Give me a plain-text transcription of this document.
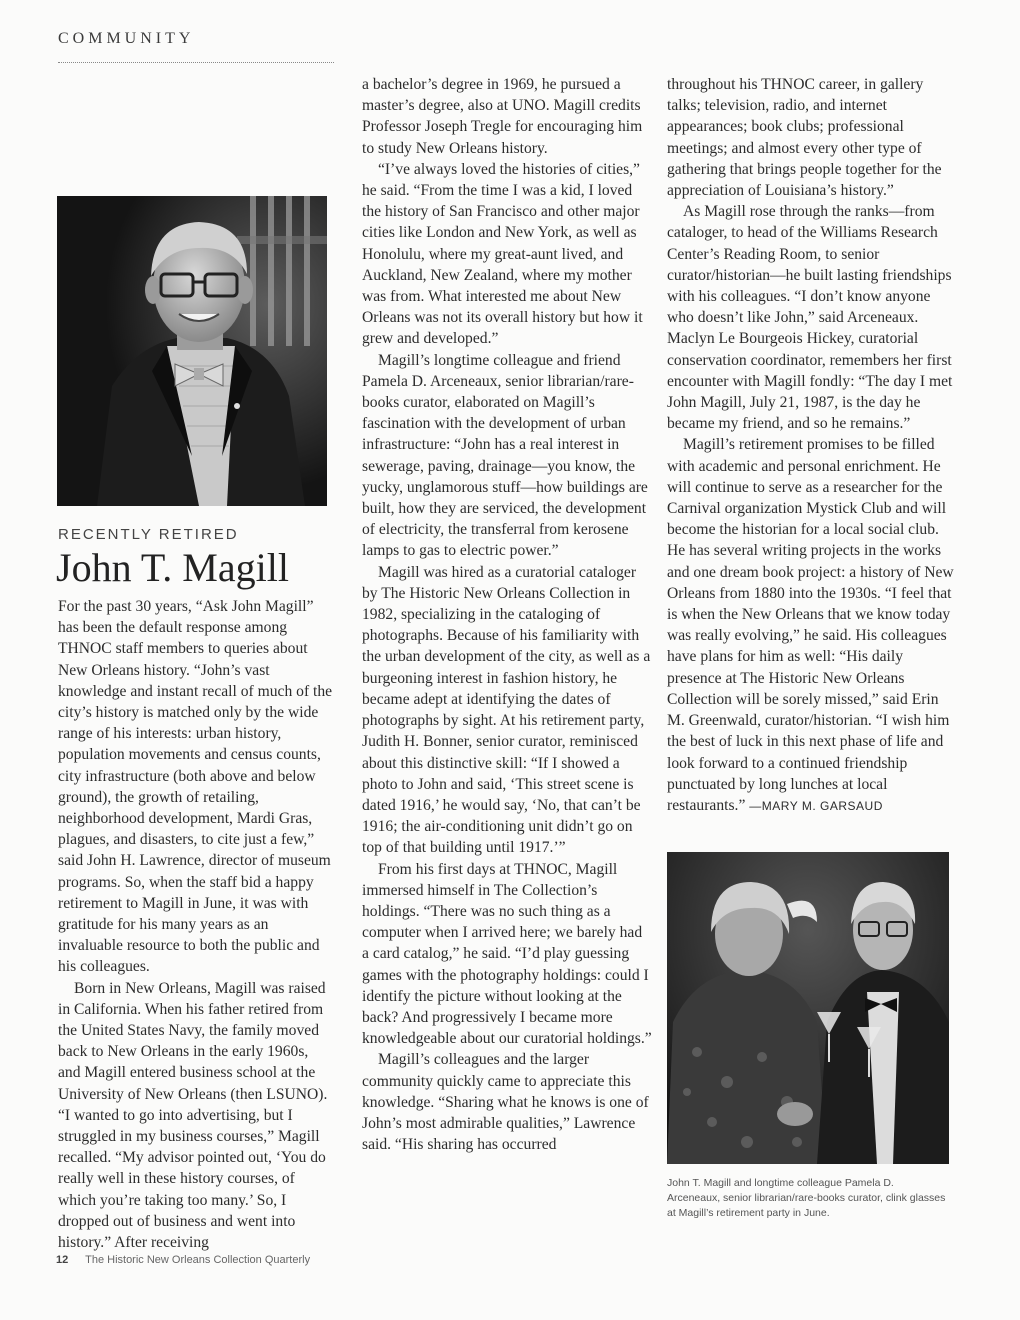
COMMUNITY
RECENTLY RETIRED
John T. Magill

For the past 30 years, “Ask John Magill” has been the default response among THNOC staff members to queries about New Orleans history. “John’s vast knowledge and instant recall of much of the city’s history is matched only by the wide range of his interests: urban history, population movements and census counts, city infrastructure (both above and below ground), the growth of retailing, neighborhood development, Mardi Gras, plagues, and disasters, to cite just a few,” said John H. Lawrence, director of museum programs. So, when the staff bid a happy retirement to Magill in June, it was with gratitude for his many years as an invaluable resource to both the public and his colleagues.

Born in New Orleans, Magill was raised in California. When his father retired from the United States Navy, the family moved back to New Orleans in the early 1960s, and Magill entered business school at the University of New Orleans (then LSUNO). “I wanted to go into advertising, but I struggled in my business courses,” Magill recalled. “My advisor pointed out, ‘You do really well in these history courses, of which you’re taking too many.’ So, I dropped out of business and went into history.” After receiving

a bachelor’s degree in 1969, he pursued a master’s degree, also at UNO. Magill credits Professor Joseph Tregle for encouraging him to study New Orleans history.

“I’ve always loved the histories of cities,” he said. “From the time I was a kid, I loved the history of San Francisco and other major cities like London and New York, as well as Honolulu, where my great-aunt lived, and Auckland, New Zealand, where my mother was from. What interested me about New Orleans was not its overall history but how it grew and developed.”

Magill’s longtime colleague and friend Pamela D. Arceneaux, senior librarian/rare-books curator, elaborated on Magill’s fascination with the development of urban infrastructure: “John has a real interest in sewerage, paving, drainage—you know, the yucky, unglamorous stuff—how buildings are built, how they are serviced, the development of electricity, the transferral from kerosene lamps to gas to electric power.”

Magill was hired as a curatorial cataloger by The Historic New Orleans Collection in 1982, specializing in the cataloging of photographs. Because of his familiarity with the urban development of the city, as well as a burgeoning interest in fashion history, he became adept at identifying the dates of photographs by sight. At his retirement party, Judith H. Bonner, senior curator, reminisced about this distinctive skill: “If I showed a photo to John and said, ‘This street scene is dated 1916,’ he would say, ‘No, that can’t be 1916; the air-conditioning unit didn’t go on top of that building until 1917.’”

From his first days at THNOC, Magill immersed himself in The Collection’s holdings. “There was no such thing as a computer when I arrived here; we barely had a card catalog,” he said. “I’d play guessing games with the photography holdings: could I identify the picture without looking at the back? And progressively I became more knowledgeable about our curatorial holdings.”

Magill’s colleagues and the larger community quickly came to appreciate this knowledge. “Sharing what he knows is one of John’s most admirable qualities,” Lawrence said. “His sharing has occurred

throughout his THNOC career, in gallery talks; television, radio, and internet appearances; book clubs; professional meetings; and almost every other type of gathering that brings people together for the appreciation of Louisiana’s history.”

As Magill rose through the ranks—from cataloger, to head of the Williams Research Center’s Reading Room, to senior curator/historian—he built lasting friendships with his colleagues. “I don’t know anyone who doesn’t like John,” said Arceneaux. Maclyn Le Bourgeois Hickey, curatorial conservation coordinator, remembers her first encounter with Magill fondly: “The day I met John Magill, July 21, 1987, is the day he became my friend, and so he remains.”

Magill’s retirement promises to be filled with academic and personal enrichment. He will continue to serve as a researcher for the Carnival organization Mystick Club and will become the historian for a local social club. He has several writing projects in the works and one dream book project: a history of New Orleans from 1880 into the 1930s. “I feel that is when the New Orleans that we know today was really evolving,” he said. His colleagues have plans for him as well: “His daily presence at The Historic New Orleans Collection will be sorely missed,” said Erin M. Greenwald, curator/historian. “I wish him the best of luck in this next phase of life and look forward to a continued friendship punctuated by long lunches at local restaurants.” —MARY M. GARSAUD

John T. Magill and longtime colleague Pamela D. Arceneaux, senior librarian/rare-books curator, clink glasses at Magill’s retirement party in June.
12 The Historic New Orleans Collection Quarterly
